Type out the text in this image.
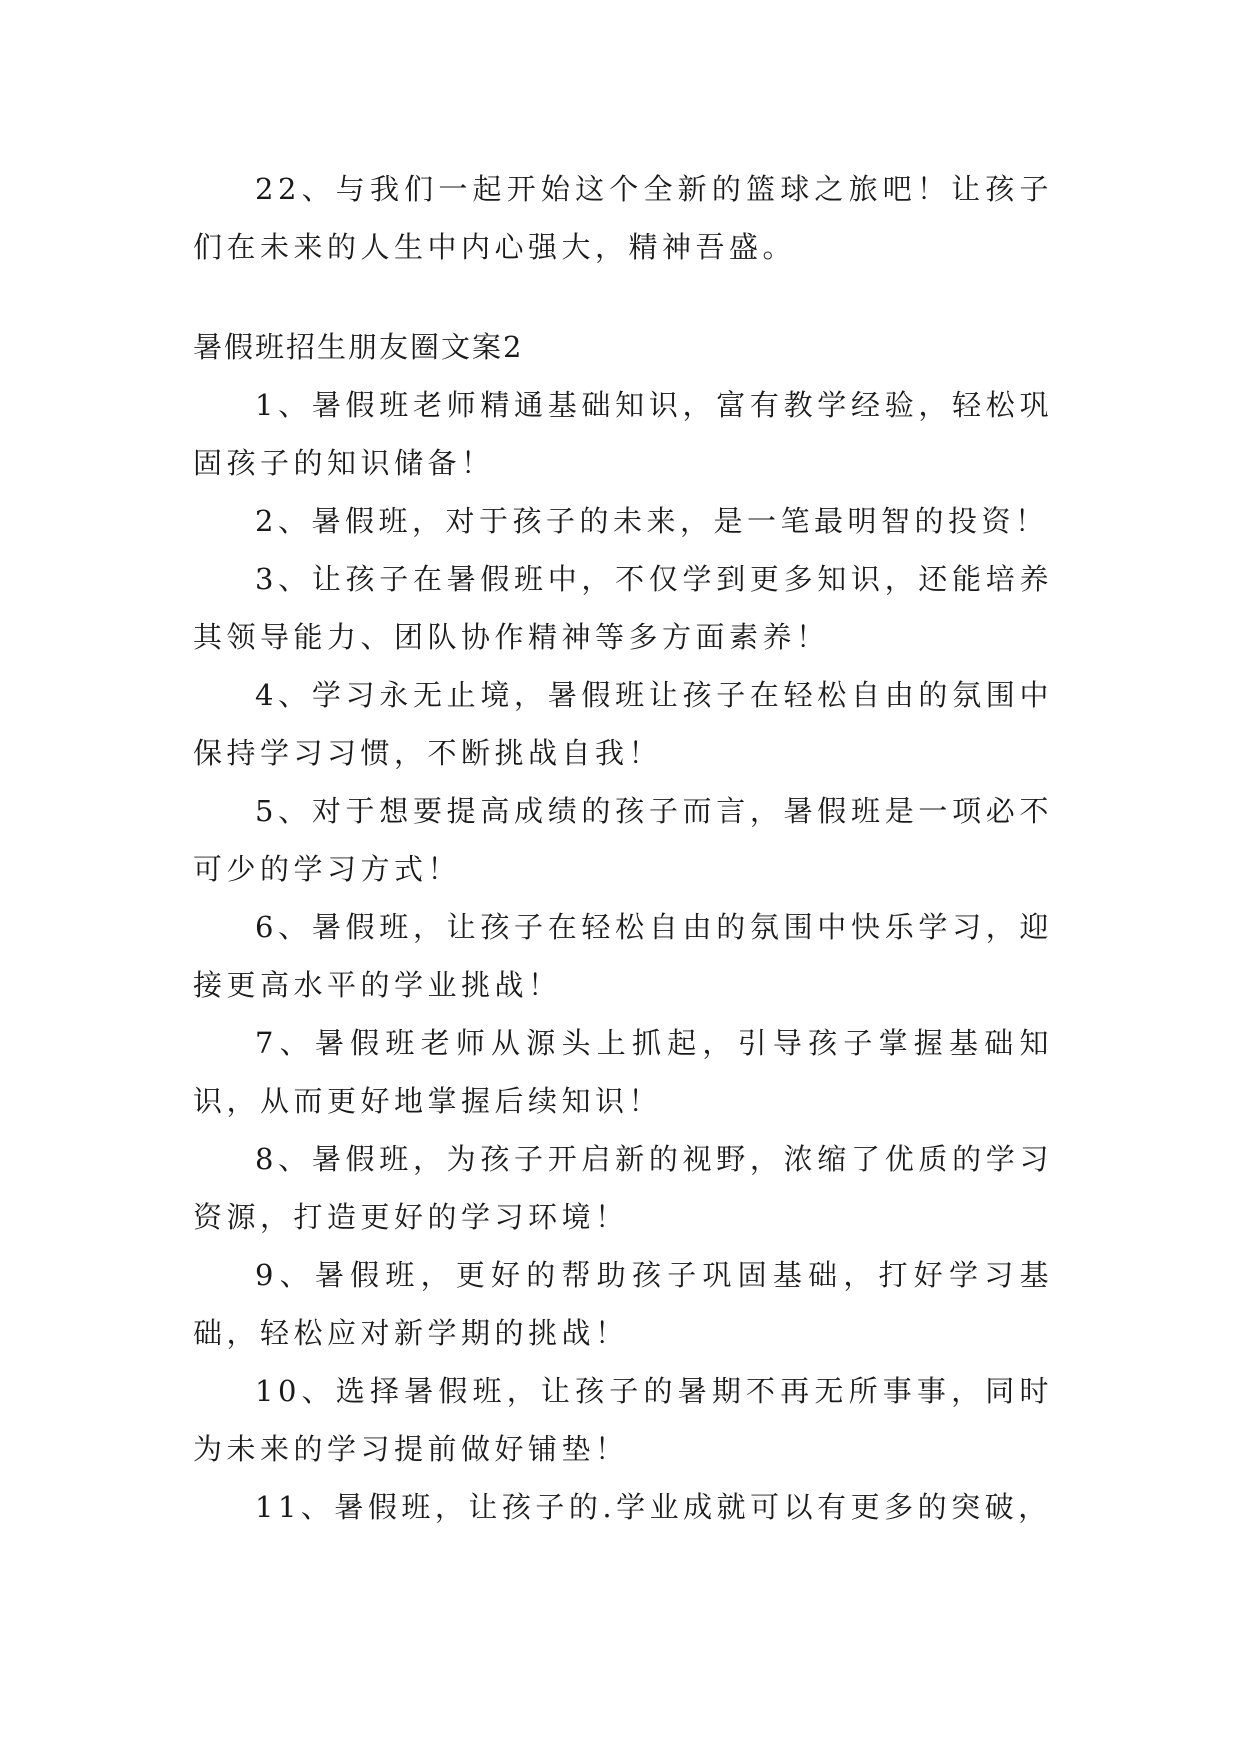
22、与我们一起开始这个全新的篮球之旅吧！让孩子们在未来的人生中内心强大，精神吾盛。

暑假班招生朋友圈文案2

1、暑假班老师精通基础知识，富有教学经验，轻松巩固孩子的知识储备！

2、暑假班，对于孩子的未来，是一笔最明智的投资！

3、让孩子在暑假班中，不仅学到更多知识，还能培养其领导能力、团队协作精神等多方面素养！

4、学习永无止境，暑假班让孩子在轻松自由的氛围中保持学习习惯，不断挑战自我！

5、对于想要提高成绩的孩子而言，暑假班是一项必不可少的学习方式！

6、暑假班，让孩子在轻松自由的氛围中快乐学习，迎接更高水平的学业挑战！

7、暑假班老师从源头上抓起，引导孩子掌握基础知识，从而更好地掌握后续知识！

8、暑假班，为孩子开启新的视野，浓缩了优质的学习资源，打造更好的学习环境！

9、暑假班，更好的帮助孩子巩固基础，打好学习基础，轻松应对新学期的挑战！

10、选择暑假班，让孩子的暑期不再无所事事，同时为未来的学习提前做好铺垫！

11、暑假班，让孩子的.学业成就可以有更多的突破，
